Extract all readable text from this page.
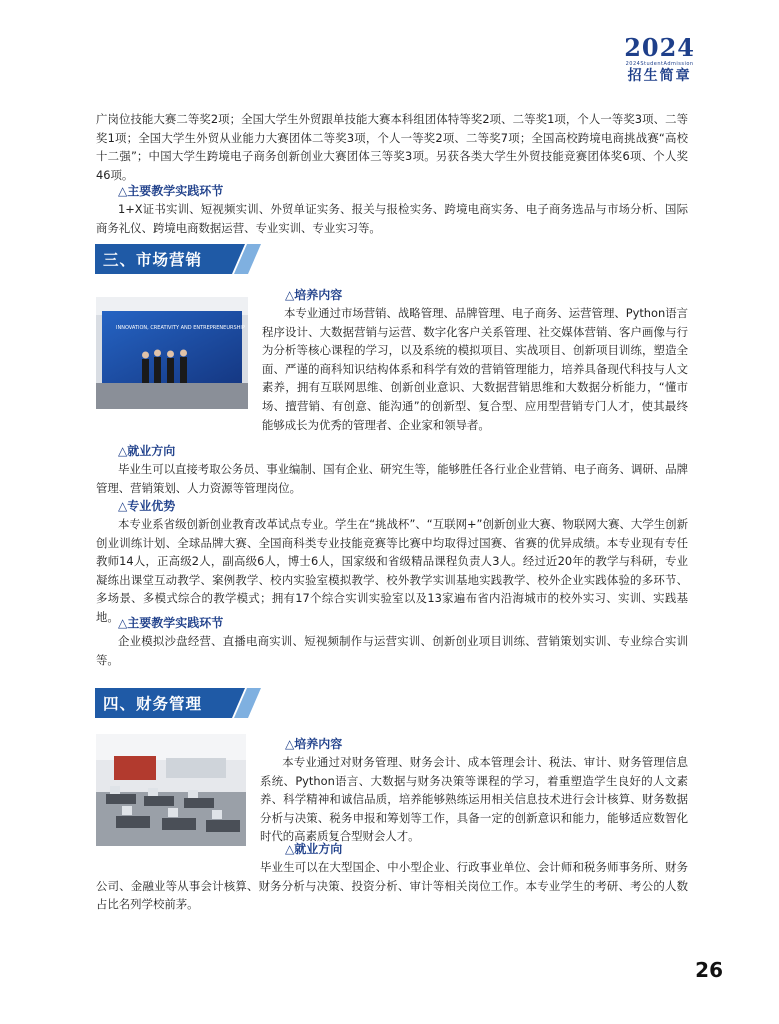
2024
2024StudentAdmission
招生简章

广岗位技能大赛二等奖2项；全国大学生外贸跟单技能大赛本科组团体特等奖2项、二等奖1项，个人一等奖3项、二等奖1项；全国大学生外贸从业能力大赛团体二等奖3项，个人一等奖2项、二等奖7项；全国高校跨境电商挑战赛“高校十二强”；中国大学生跨境电子商务创新创业大赛团体三等奖3项。另获各类大学生外贸技能竞赛团体奖6项、个人奖46项。

△主要教学实践环节

1+X证书实训、短视频实训、外贸单证实务、报关与报检实务、跨境电商实务、电子商务选品与市场分析、国际商务礼仪、跨境电商数据运营、专业实训、专业实习等。

三、市场营销
INNOVATION, CREATIVITY AND ENTREPRENEURSHIP
△培养内容

本专业通过市场营销、战略管理、品牌管理、电子商务、运营管理、Python语言程序设计、大数据营销与运营、数字化客户关系管理、社交媒体营销、客户画像与行为分析等核心课程的学习，以及系统的模拟项目、实战项目、创新项目训练，塑造全面、严谨的商科知识结构体系和科学有效的营销管理能力，培养具备现代科技与人文素养，拥有互联网思维、创新创业意识、大数据营销思维和大数据分析能力，“懂市场、擅营销、有创意、能沟通”的创新型、复合型、应用型营销专门人才，使其最终能够成长为优秀的管理者、企业家和领导者。

△就业方向

毕业生可以直接考取公务员、事业编制、国有企业、研究生等，能够胜任各行业企业营销、电子商务、调研、品牌管理、营销策划、人力资源等管理岗位。

△专业优势

本专业系省级创新创业教育改革试点专业。学生在“挑战杯”、“互联网+”创新创业大赛、物联网大赛、大学生创新创业训练计划、全球品牌大赛、全国商科类专业技能竞赛等比赛中均取得过国赛、省赛的优异成绩。本专业现有专任教师14人，正高级2人，副高级6人，博士6人，国家级和省级精品课程负责人3人。经过近20年的教学与科研，专业凝练出课堂互动教学、案例教学、校内实验室模拟教学、校外教学实训基地实践教学、校外企业实践体验的多环节、多场景、多模式综合的教学模式；拥有17个综合实训实验室以及13家遍布省内沿海城市的校外实习、实训、实践基地。 △主要教学实践环节

企业模拟沙盘经营、直播电商实训、短视频制作与运营实训、创新创业项目训练、营销策划实训、专业综合实训等。

四、财务管理
△培养内容

本专业通过对财务管理、财务会计、成本管理会计、税法、审计、财务管理信息系统、Python语言、大数据与财务决策等课程的学习，着重塑造学生良好的人文素养、科学精神和诚信品质，培养能够熟练运用相关信息技术进行会计核算、财务数据分析与决策、税务申报和筹划等工作，具备一定的创新意识和能力，能够适应数智化时代的高素质复合型财会人才。

△就业方向

毕业生可以在大型国企、中小型企业、行政事业单位、会计师和税务师事务所、财务公司、金融业等从事会计核算、财务分析与决策、投资分析、审计等相关岗位工作。本专业学生的考研、考公的人数占比名列学校前茅。

26
